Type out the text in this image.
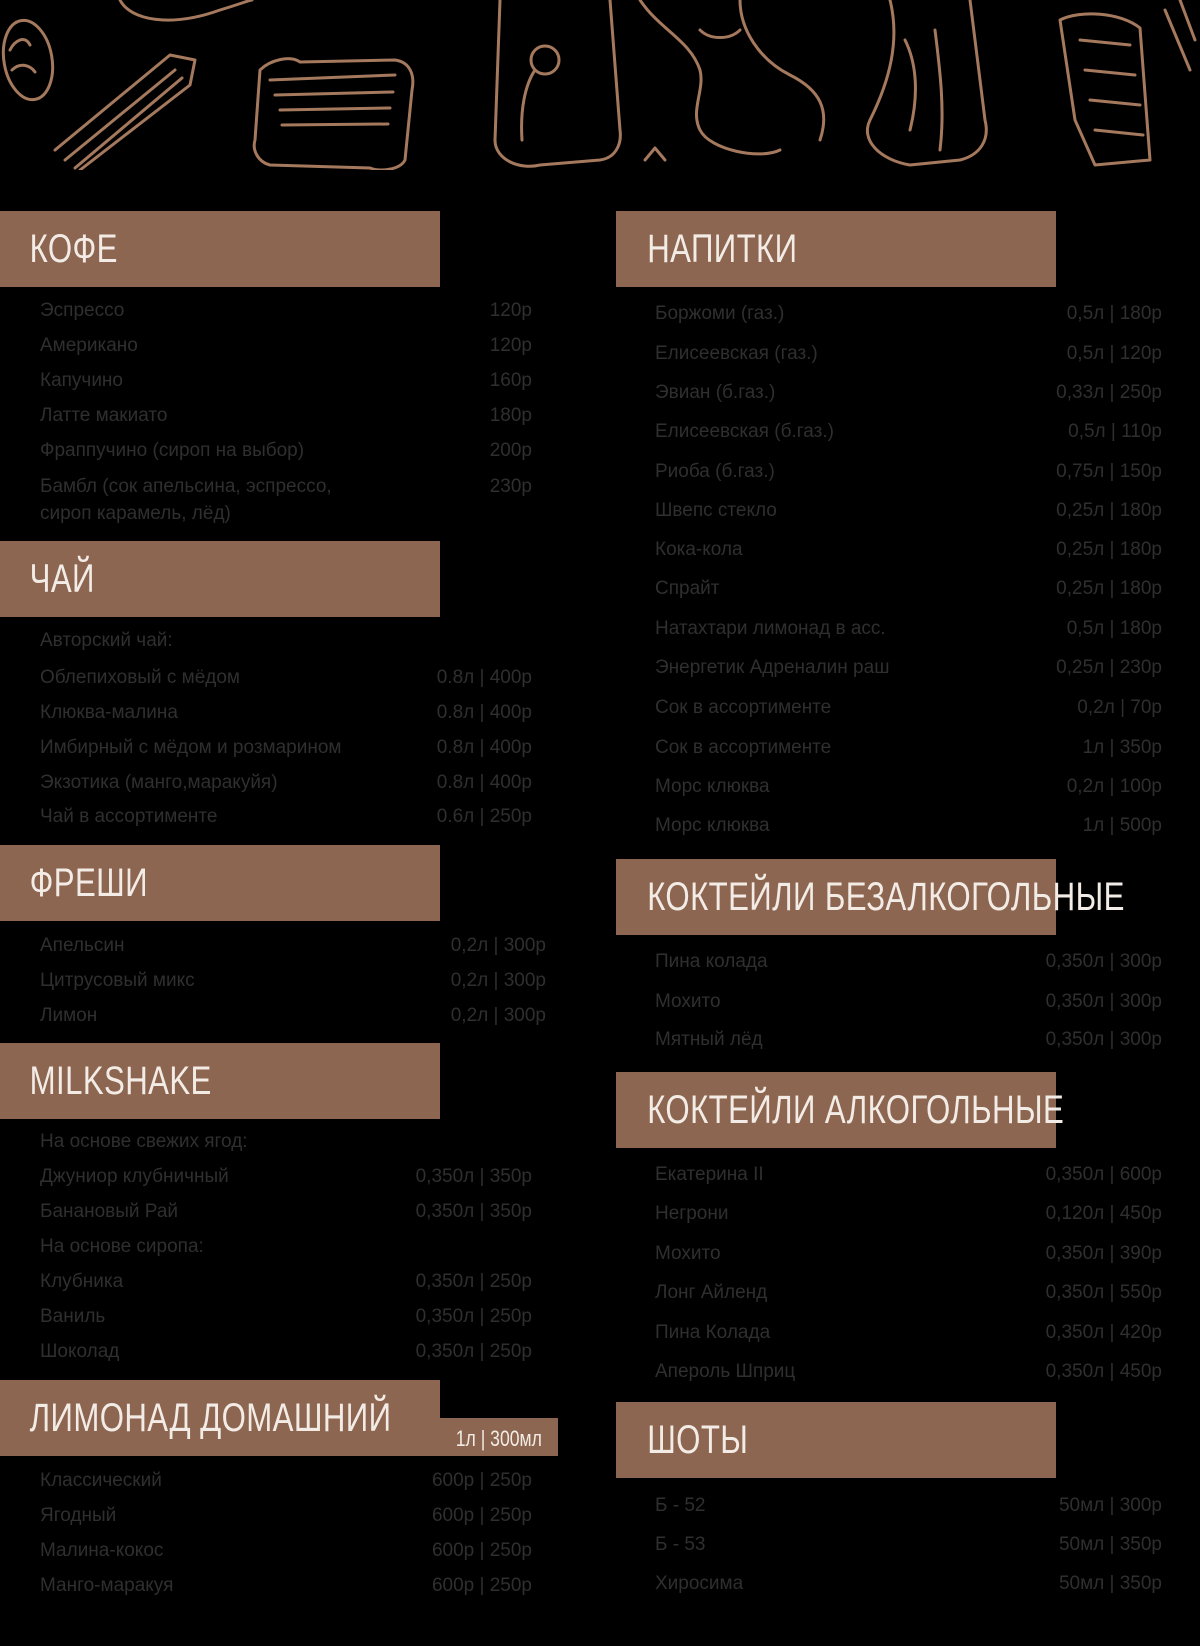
КОФЕ
Эспрессо	120р
Американо	120р
Капучино	160р
Латте макиато	180р
Фраппучино (сироп на выбор)	200р
Бамбл (сок апельсина, эспрессо,	230р
сироп карамель, лёд)
ЧАЙ
Авторский чай:
Облепиховый с мёдом	0.8л | 400р
Клюква-малина	0.8л | 400р
Имбирный с мёдом и розмарином	0.8л | 400р
Экзотика (манго,маракуйя)	0.8л | 400р
Чай в ассортименте	0.6л | 250р
ФРЕШИ
Апельсин	0,2л | 300р
Цитрусовый микс	0,2л | 300р
Лимон	0,2л | 300р
MILKSHAKE
На основе свежих ягод:
Джуниор клубничный	0,350л | 350р
Банановый Рай	0,350л | 350р
На основе сиропа:
Клубника	0,350л | 250р
Ваниль	0,350л | 250р
Шоколад	0,350л | 250р
ЛИМОНАД ДОМАШНИЙ	1л | 300мл
Классический	600р | 250р
Ягодный	600р | 250р
Малина-кокос	600р | 250р
Манго-маракуя	600р | 250р
НАПИТКИ
Боржоми (газ.)	0,5л | 180р
Елисеевская (газ.)	0,5л | 120р
Эвиан (б.газ.)	0,33л | 250р
Елисеевская (б.газ.)	0,5л | 110р
Риоба (б.газ.)	0,75л | 150р
Швепс стекло	0,25л | 180р
Кока-кола	0,25л | 180р
Спрайт	0,25л | 180р
Натахтари лимонад в асс.	0,5л | 180р
Энергетик Адреналин раш	0,25л | 230р
Сок в ассортименте	0,2л | 70р
Сок в ассортименте	1л | 350р
Морс клюква	0,2л | 100р
Морс клюква	1л | 500р
КОКТЕЙЛИ БЕЗАЛКОГОЛЬНЫЕ
Пина колада	0,350л | 300р
Мохито	0,350л | 300р
Мятный лёд	0,350л | 300р
КОКТЕЙЛИ АЛКОГОЛЬНЫЕ
Екатерина II	0,350л | 600р
Негрони	0,120л | 450р
Мохито	0,350л | 390р
Лонг Айленд	0,350л | 550р
Пина Колада	0,350л | 420р
Апероль Шприц	0,350л | 450р
ШОТЫ
Б - 52	50мл | 300р
Б - 53	50мл | 350р
Хиросима	50мл | 350р
